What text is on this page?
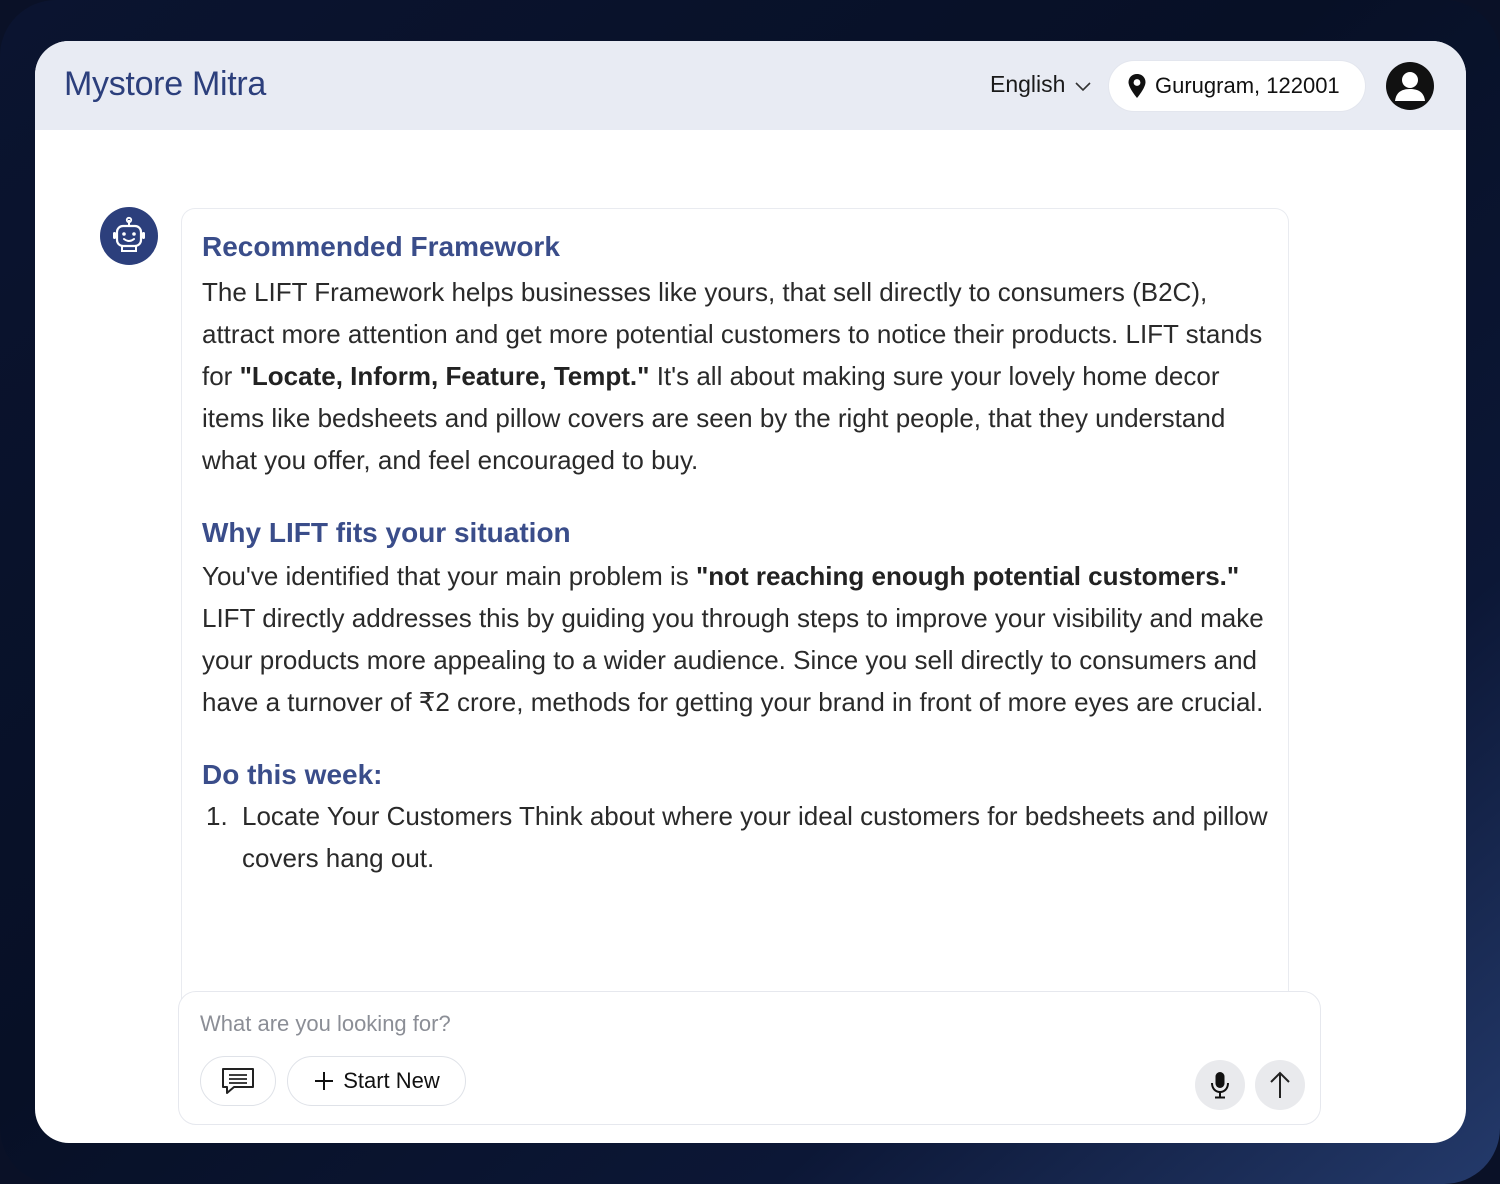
Mystore Mitra	English	Gurugram, 122001
Recommended Framework

The LIFT Framework helps businesses like yours, that sell directly to consumers (B2C), attract more attention and get more potential customers to notice their products. LIFT stands for "Locate, Inform, Feature, Tempt." It's all about making sure your lovely home decor items like bedsheets and pillow covers are seen by the right people, that they understand what you offer, and feel encouraged to buy.

Why LIFT fits your situation

You've identified that your main problem is "not reaching enough potential customers." LIFT directly addresses this by guiding you through steps to improve your visibility and make your products more appealing to a wider audience. Since you sell directly to consumers and have a turnover of ₹2 crore, methods for getting your brand in front of more eyes are crucial.

Do this week:
1. Locate Your Customers Think about where your ideal customers for bedsheets and pillow covers hang out.
What are you looking for?
Start New
